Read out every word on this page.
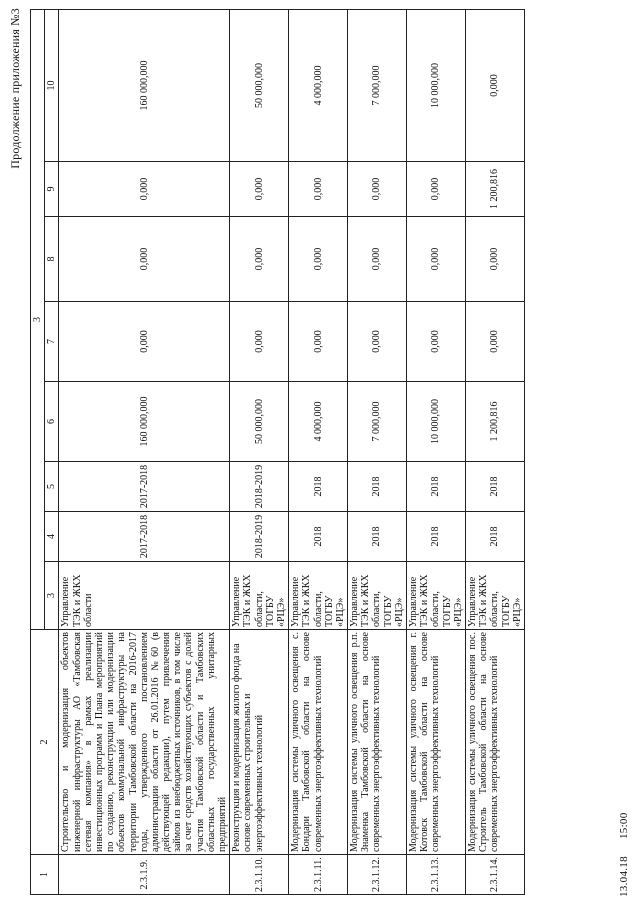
Продолжение приложения №3
1	2	3							
		3	4	5	6	7	8	9	10
2.3.1.9.	Строительство и модернизация объектов инженерной инфраструктуры АО «Тамбовская сетевая компания» в рамках реализации инвестиционных программ и Плана мероприятий по созданию, реконструкции или модернизации объектов коммунальной инфраструктуры на территории Тамбовской области на 2016-2017 годы, утвержденного постановлением администрации области от 26.01.2016 №60 (в действующей редакции), путем привлечения займов из внебюджетных источников, в том числе за счет средств хозяйствующих субъектов с долей участия Тамбовской области и Тамбовских областных государственных унитарных предприятий	Управление ТЭК и ЖКХ области	2017-2018	2017-2018	160 000,000	0,000	0,000	0,000	160 000,000
2.3.1.10.	Реконструкция и модернизация жилого фонда на основе современных строительных и энергоэффективных технологий	Управление ТЭК и ЖКХ области, ТОГБУ «РЦЭ»	2018-2019	2018-2019	50 000,000	0,000	0,000	0,000	50 000,000
2.3.1.11.	Модернизация системы уличного освещения с. Бондари Тамбовской области на основе современных энергоэффективных технологий	Управление ТЭК и ЖКХ области, ТОГБУ «РЦЭ»	2018	2018	4 000,000	0,000	0,000	0,000	4 000,000
2.3.1.12.	Модернизация системы уличного освещения р.п. Знаменка Тамбовской области на основе современных энергоэффективных технологий	Управление ТЭК и ЖКХ области, ТОГБУ «РЦЭ»	2018	2018	7 000,000	0,000	0,000	0,000	7 000,000
2.3.1.13.	Модернизация системы уличного освещения г. Котовск Тамбовской области на основе современных энергоэффективных технологий	Управление ТЭК и ЖКХ области, ТОГБУ «РЦЭ»	2018	2018	10 000,000	0,000	0,000	0,000	10 000,000
2.3.1.14.	Модернизация системы уличного освещения пос. Строитель Тамбовской области на основе современных энергоэффективных технологий	Управление ТЭК и ЖКХ области, ТОГБУ «РЦЭ»	2018	2018	1 200,816	0,000	0,000	1 200,816	0,000
13.04.18 15:00
